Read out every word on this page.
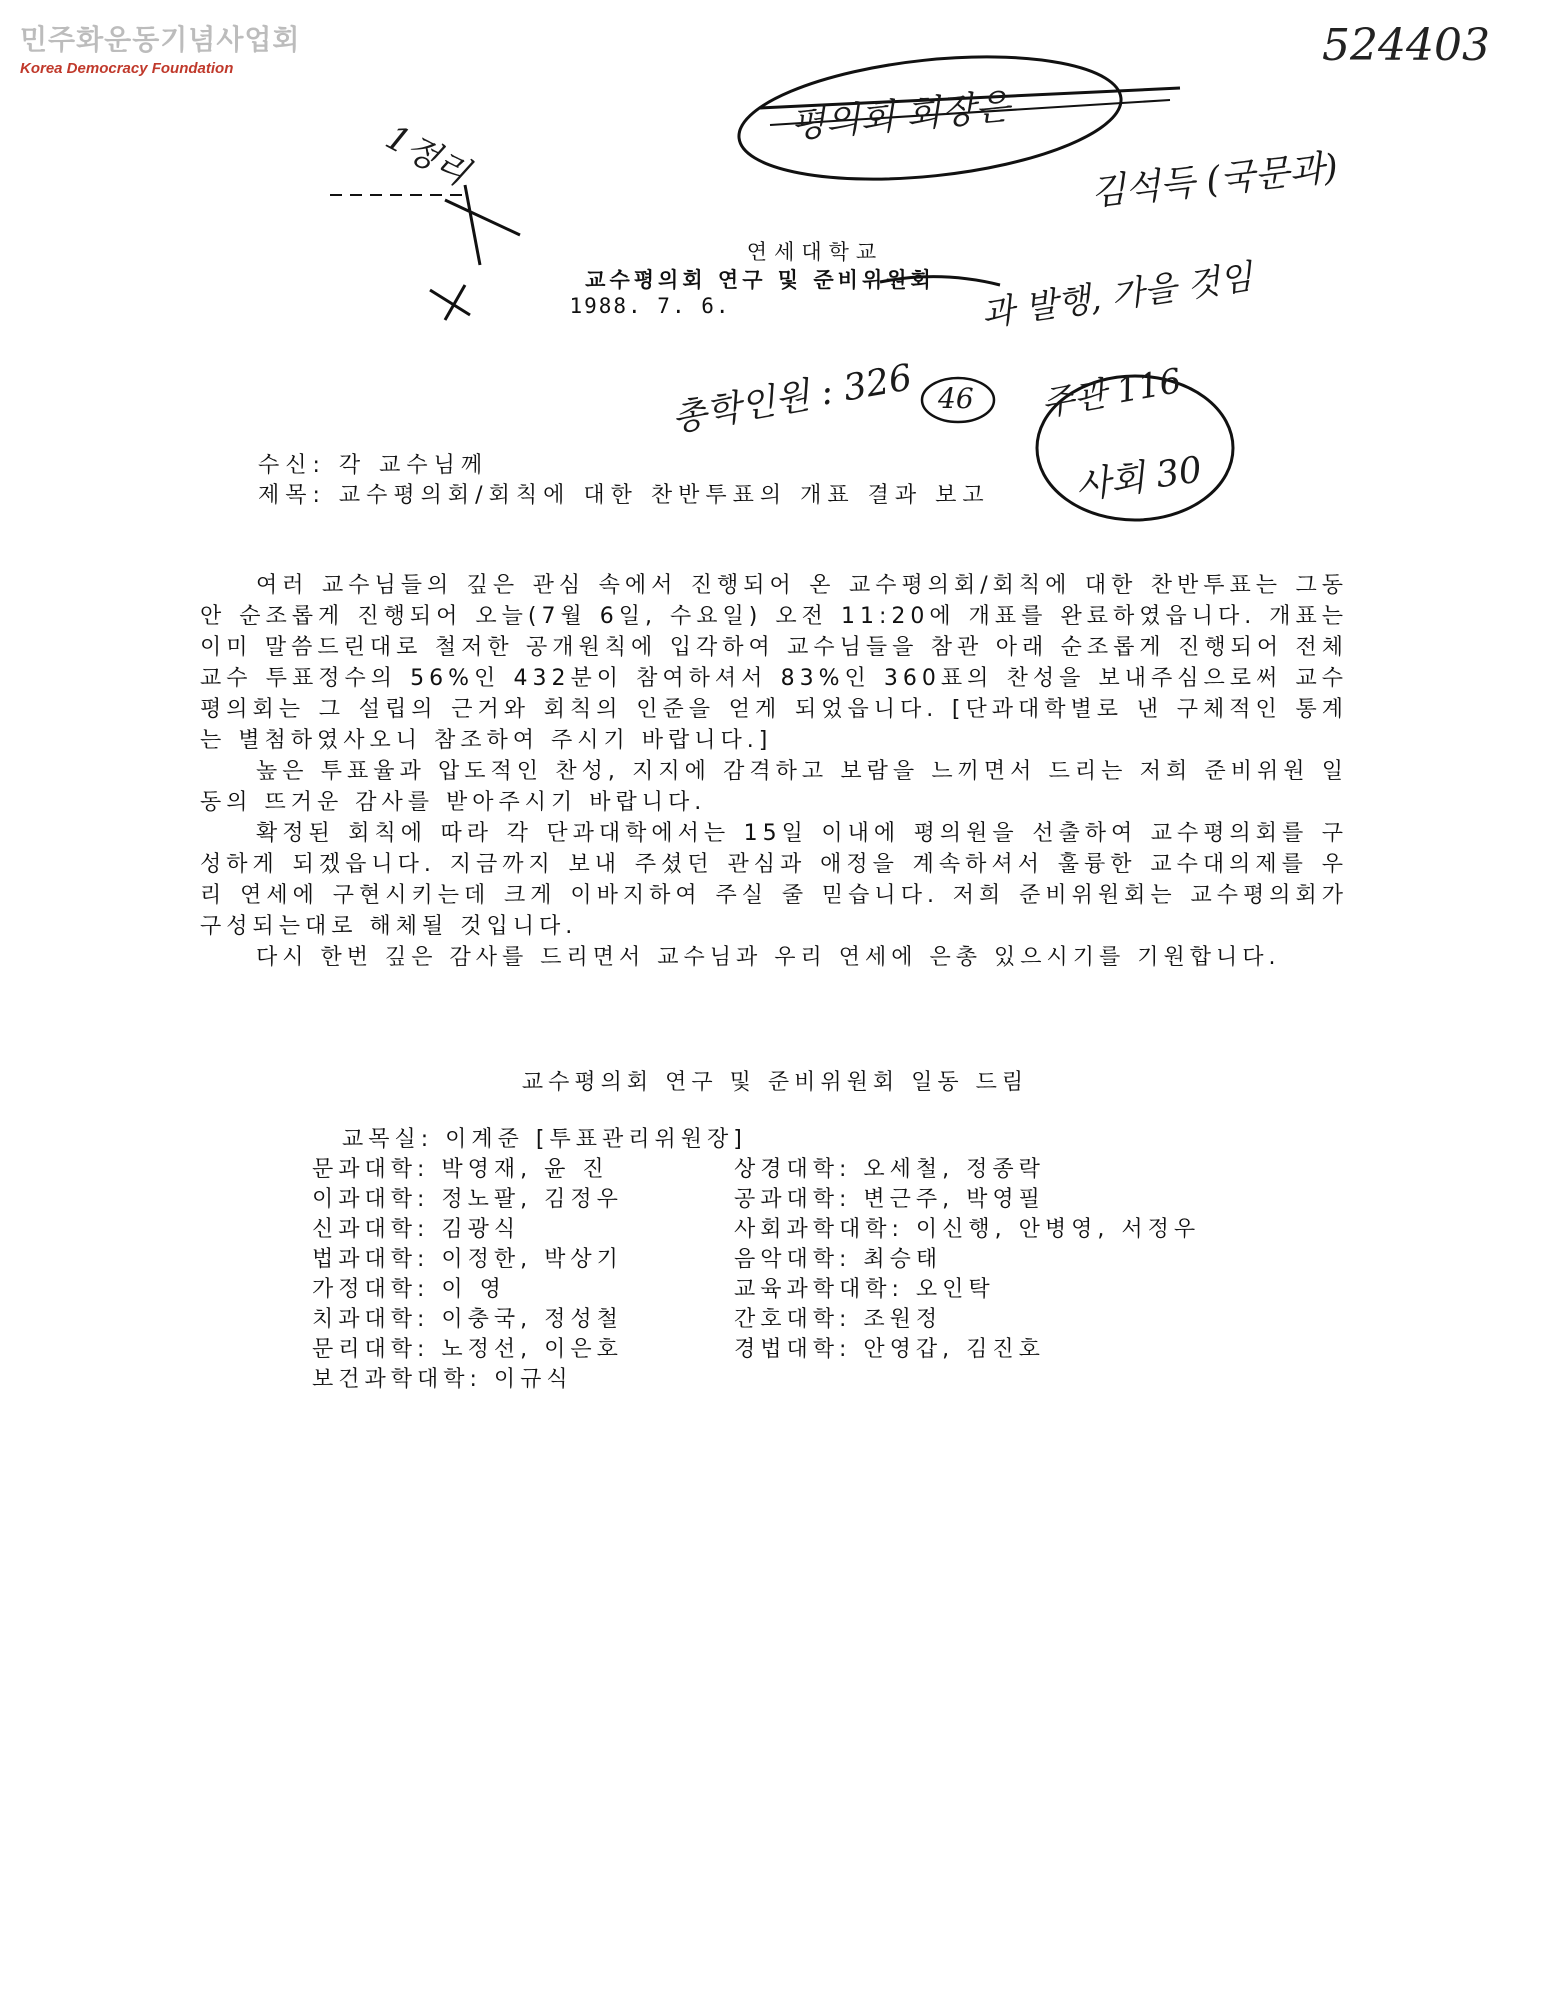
민주화운동기념사업회
Korea Democracy Foundation	524403
1정리
평의회 회장은
김석득 (국문과)
과 발행, 가을 것임
총학인원 : 326 46 주관 116
사회 30
연세대학교
교수평의회 연구 및 준비위원회
1988. 7. 6.
수신: 각 교수님께
제목: 교수평의회/회칙에 대한 찬반투표의 개표 결과 보고

여러 교수님들의 깊은 관심 속에서 진행되어 온 교수평의회/회칙에 대한 찬반투표는 그동안 순조롭게 진행되어 오늘(7월 6일, 수요일) 오전 11:20에 개표를 완료하였읍니다. 개표는 이미 말씀드린대로 철저한 공개원칙에 입각하여 교수님들을 참관 아래 순조롭게 진행되어 전체 교수 투표정수의 56%인 432분이 참여하셔서 83%인 360표의 찬성을 보내주심으로써 교수평의회는 그 설립의 근거와 회칙의 인준을 얻게 되었읍니다. [단과대학별로 낸 구체적인 통계는 별첨하였사오니 참조하여 주시기 바랍니다.]

높은 투표율과 압도적인 찬성, 지지에 감격하고 보람을 느끼면서 드리는 저희 준비위원 일동의 뜨거운 감사를 받아주시기 바랍니다.

확정된 회칙에 따라 각 단과대학에서는 15일 이내에 평의원을 선출하여 교수평의회를 구성하게 되겠읍니다. 지금까지 보내 주셨던 관심과 애정을 계속하셔서 훌륭한 교수대의제를 우리 연세에 구현시키는데 크게 이바지하여 주실 줄 믿습니다. 저희 준비위원회는 교수평의회가 구성되는대로 해체될 것입니다.

다시 한번 깊은 감사를 드리면서 교수님과 우리 연세에 은총 있으시기를 기원합니다.

교수평의회 연구 및 준비위원회 일동 드림
교목실: 이계준 [투표관리위원장]
문과대학: 박영재, 윤 진	상경대학: 오세철, 정종락
이과대학: 정노팔, 김정우	공과대학: 변근주, 박영필
신과대학: 김광식	사회과학대학: 이신행, 안병영, 서정우
법과대학: 이정한, 박상기	음악대학: 최승태
가정대학: 이 영	교육과학대학: 오인탁
치과대학: 이충국, 정성철	간호대학: 조원정
문리대학: 노정선, 이은호	경법대학: 안영갑, 김진호
보건과학대학: 이규식
